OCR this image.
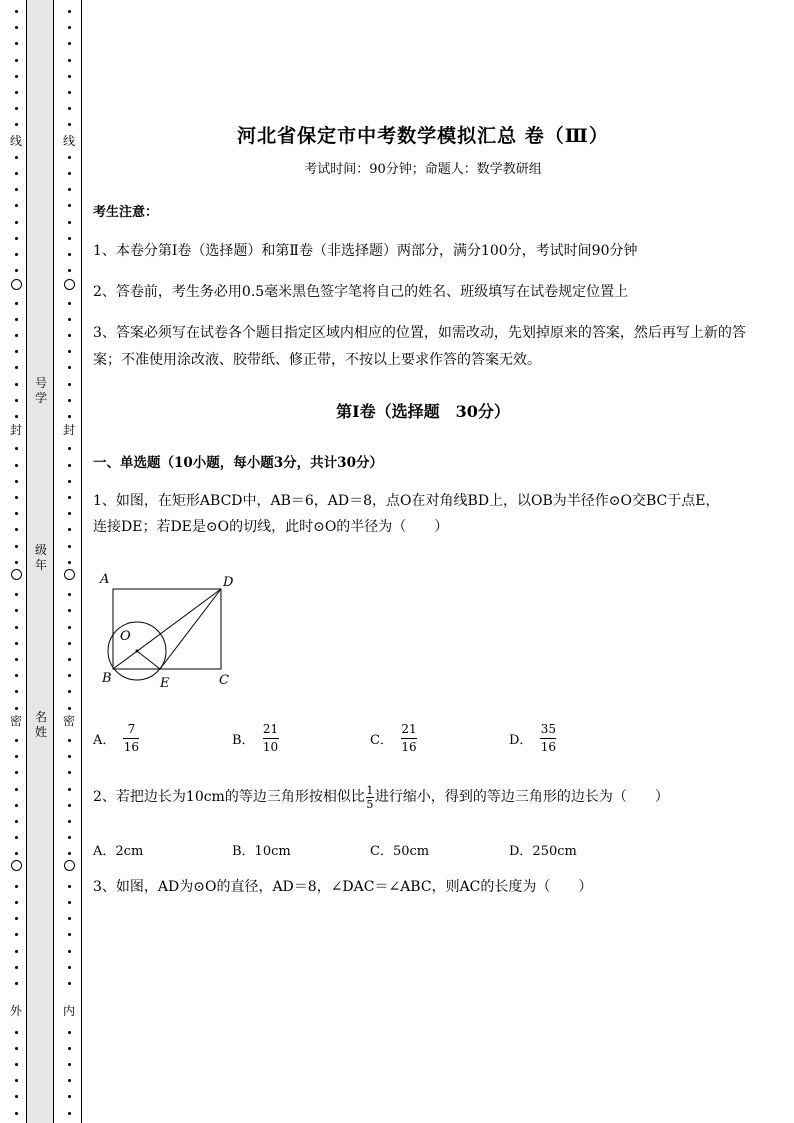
线
封
密
外
线
封
密
内
号学
级年
名姓
河北省保定市中考数学模拟汇总 卷（Ⅲ）
考试时间：90分钟；命题人：数学教研组
考生注意：
1、本卷分第Ⅰ卷（选择题）和第Ⅱ卷（非选择题）两部分，满分100分，考试时间90分钟
2、答卷前，考生务必用0.5毫米黑色签字笔将自己的姓名、班级填写在试卷规定位置上
3、答案必须写在试卷各个题目指定区域内相应的位置，如需改动，先划掉原来的答案，然后再写上新的答案；不准使用涂改液、胶带纸、修正带，不按以上要求作答的答案无效。
第Ⅰ卷（选择题　30分）
一、单选题（10小题，每小题3分，共计30分）
1、如图，在矩形ABCD中，AB＝6，AD＝8，点O在对角线BD上，以OB为半径作⊙O交BC于点E，
连接DE；若DE是⊙O的切线，此时⊙O的半径为（　　）
A	D
O
B	E	C
A． $\frac{7}{16}$	B． $\frac{21}{10}$	C． $\frac{21}{16}$	D． $\frac{35}{16}$
2、若把边长为10cm的等边三角形按相似比 $\frac{1}{5}$ 进行缩小，得到的等边三角形的边长为（　　）
A．2cm	B．10cm	C．50cm	D．250cm
3、如图，AD为⊙O的直径，AD＝8，∠DAC＝∠ABC，则AC的长度为（　　）
